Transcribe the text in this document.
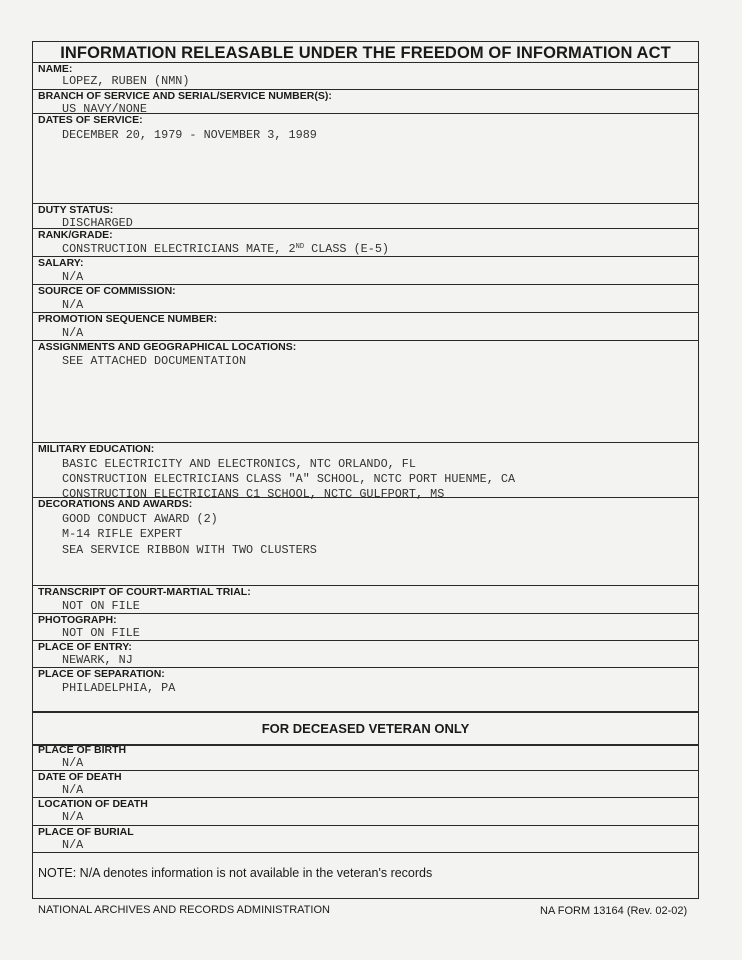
INFORMATION RELEASABLE UNDER THE FREEDOM OF INFORMATION ACT
NAME:
LOPEZ, RUBEN (NMN)
BRANCH OF SERVICE AND SERIAL/SERVICE NUMBER(S):
US NAVY/NONE
DATES OF SERVICE:
DECEMBER 20, 1979 - NOVEMBER 3, 1989
DUTY STATUS:
DISCHARGED
RANK/GRADE:
CONSTRUCTION ELECTRICIANS MATE, 2ND CLASS (E-5)
SALARY:
N/A
SOURCE OF COMMISSION:
N/A
PROMOTION SEQUENCE NUMBER:
N/A
ASSIGNMENTS AND GEOGRAPHICAL LOCATIONS:
SEE ATTACHED DOCUMENTATION
MILITARY EDUCATION:
BASIC ELECTRICITY AND ELECTRONICS, NTC ORLANDO, FL
CONSTRUCTION ELECTRICIANS CLASS "A" SCHOOL, NCTC PORT HUENME, CA
CONSTRUCTION ELECTRICIANS C1 SCHOOL, NCTC GULFPORT, MS
DECORATIONS AND AWARDS:
GOOD CONDUCT AWARD (2)
M-14 RIFLE EXPERT
SEA SERVICE RIBBON WITH TWO CLUSTERS
TRANSCRIPT OF COURT-MARTIAL TRIAL:
NOT ON FILE
PHOTOGRAPH:
NOT ON FILE
PLACE OF ENTRY:
NEWARK, NJ
PLACE OF SEPARATION:
PHILADELPHIA, PA
FOR DECEASED VETERAN ONLY
PLACE OF BIRTH
N/A
DATE OF DEATH
N/A
LOCATION OF DEATH
N/A
PLACE OF BURIAL
N/A
NOTE: N/A denotes information is not available in the veteran's records
NATIONAL ARCHIVES AND RECORDS ADMINISTRATION	NA FORM 13164 (Rev. 02-02)
